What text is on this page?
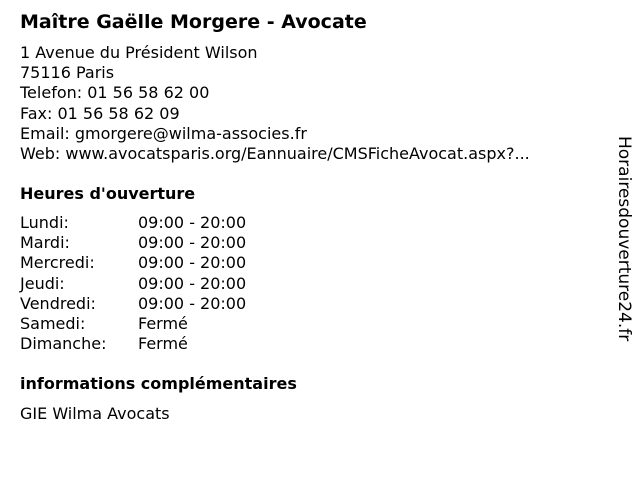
Maître Gaëlle Morgere - Avocate
1 Avenue du Président Wilson
75116 Paris
Telefon: 01 56 58 62 00
Fax: 01 56 58 62 09
Email: gmorgere@wilma-associes.fr
Web: www.avocatsparis.org/Eannuaire/CMSFicheAvocat.aspx?...
Heures d'ouverture
Lundi:	09:00 - 20:00
Mardi:	09:00 - 20:00
Mercredi:	09:00 - 20:00
Jeudi:	09:00 - 20:00
Vendredi:	09:00 - 20:00
Samedi:	Fermé
Dimanche:	Fermé
informations complémentaires
GIE Wilma Avocats
Horairesdouverture24.fr
